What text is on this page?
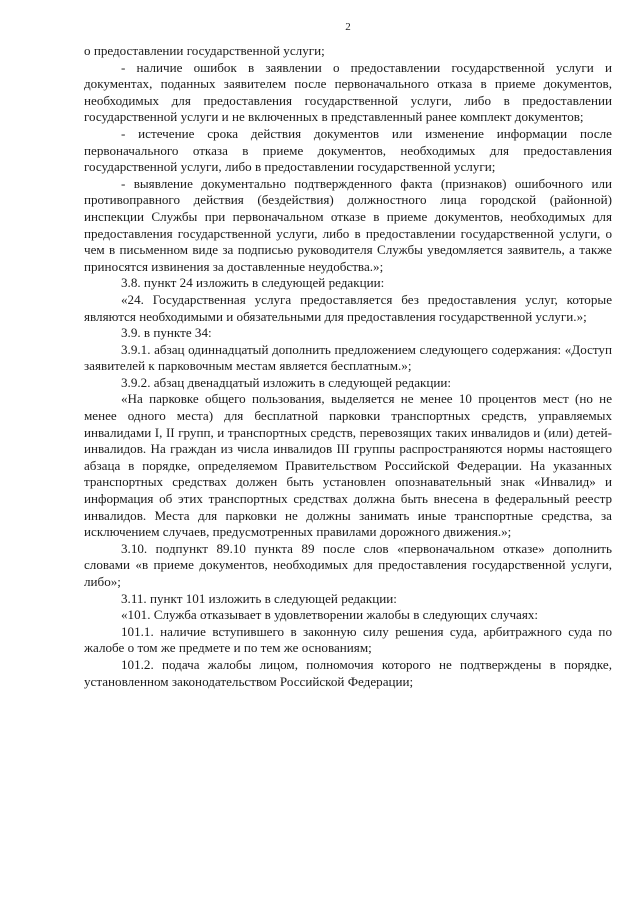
2

о предоставлении государственной услуги;

- наличие ошибок в заявлении о предоставлении государственной услуги и документах, поданных заявителем после первоначального отказа в приеме документов, необходимых для предоставления государственной услуги, либо в предоставлении государственной услуги и не включенных в представленный ранее комплект документов;

- истечение срока действия документов или изменение информации после первоначального отказа в приеме документов, необходимых для предоставления государственной услуги, либо в предоставлении государственной услуги;

- выявление документально подтвержденного факта (признаков) ошибочного или противоправного действия (бездействия) должностного лица городской (районной) инспекции Службы при первоначальном отказе в приеме документов, необходимых для предоставления государственной услуги, либо в предоставлении государственной услуги, о чем в письменном виде за подписью руководителя Службы уведомляется заявитель, а также приносятся извинения за доставленные неудобства.»;

3.8. пункт 24 изложить в следующей редакции:

«24. Государственная услуга предоставляется без предоставления услуг, которые являются необходимыми и обязательными для предоставления государственной услуги.»;

3.9. в пункте 34:

3.9.1. абзац одиннадцатый дополнить предложением следующего содержания: «Доступ заявителей к парковочным местам является бесплатным.»;

3.9.2. абзац двенадцатый изложить в следующей редакции:

«На парковке общего пользования, выделяется не менее 10 процентов мест (но не менее одного места) для бесплатной парковки транспортных средств, управляемых инвалидами I, II групп, и транспортных средств, перевозящих таких инвалидов и (или) детей-инвалидов. На граждан из числа инвалидов III группы распространяются нормы настоящего абзаца в порядке, определяемом Правительством Российской Федерации. На указанных транспортных средствах должен быть установлен опознавательный знак «Инвалид» и информация об этих транспортных средствах должна быть внесена в федеральный реестр инвалидов. Места для парковки не должны занимать иные транспортные средства, за исключением случаев, предусмотренных правилами дорожного движения.»;

3.10. подпункт 89.10 пункта 89 после слов «первоначальном отказе» дополнить словами «в приеме документов, необходимых для предоставления государственной услуги, либо»;

3.11. пункт 101 изложить в следующей редакции:

«101. Служба отказывает в удовлетворении жалобы в следующих случаях:

101.1. наличие вступившего в законную силу решения суда, арбитражного суда по жалобе о том же предмете и по тем же основаниям;

101.2. подача жалобы лицом, полномочия которого не подтверждены в порядке, установленном законодательством Российской Федерации;
